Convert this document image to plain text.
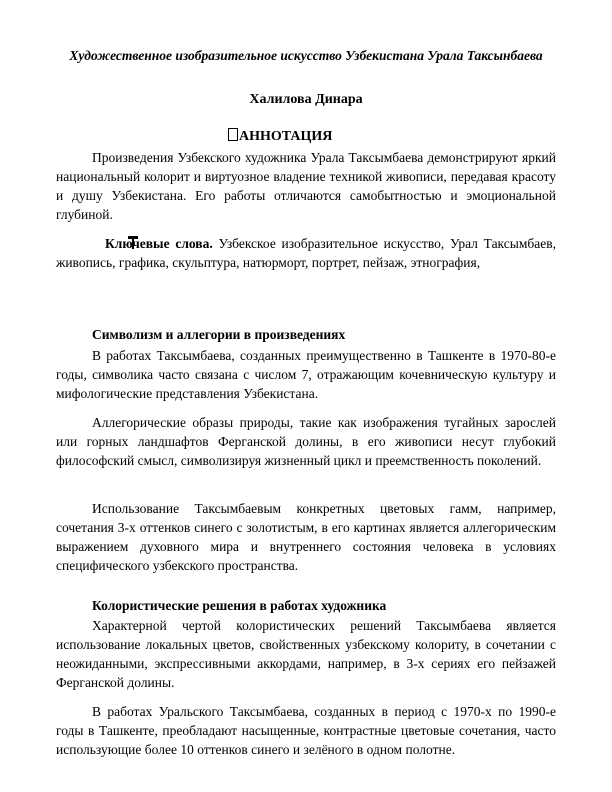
Художественное изобразительное искусство Узбекистана Урала Таксынбаева
Халилова Динара
АННОТАЦИЯ

Произведения Узбекского художника Урала Таксымбаева демонстрируют яркий национальный колорит и виртуозное владение техникой живописи, передавая красоту и душу Узбекистана. Его работы отличаются самобытностью и эмоциональной глубиной.

Ключевые слова. Узбекское изобразительное искусство, Урал Таксымбаев, живопись, графика, скульптура, натюрморт, портрет, пейзаж, этнография,

Символизм и аллегории в произведениях

В работах Таксымбаева, созданных преимущественно в Ташкенте в 1970-80-е годы, символика часто связана с числом 7, отражающим кочевническую культуру и мифологические представления Узбекистана.

Аллегорические образы природы, такие как изображения тугайных зарослей или горных ландшафтов Ферганской долины, в его живописи несут глубокий философский смысл, символизируя жизненный цикл и преемственность поколений.

Использование Таксымбаевым конкретных цветовых гамм, например, сочетания 3-х оттенков синего с золотистым, в его картинах является аллегорическим выражением духовного мира и внутреннего состояния человека в условиях специфического узбекского пространства.

Колористические решения в работах художника

Характерной чертой колористических решений Таксымбаева является использование локальных цветов, свойственных узбекскому колориту, в сочетании с неожиданными, экспрессивными аккордами, например, в 3-х сериях его пейзажей Ферганской долины.

В работах Уральского Таксымбаева, созданных в период с 1970-х по 1990-е годы в Ташкенте, преобладают насыщенные, контрастные цветовые сочетания, часто использующие более 10 оттенков синего и зелёного в одном полотне.
